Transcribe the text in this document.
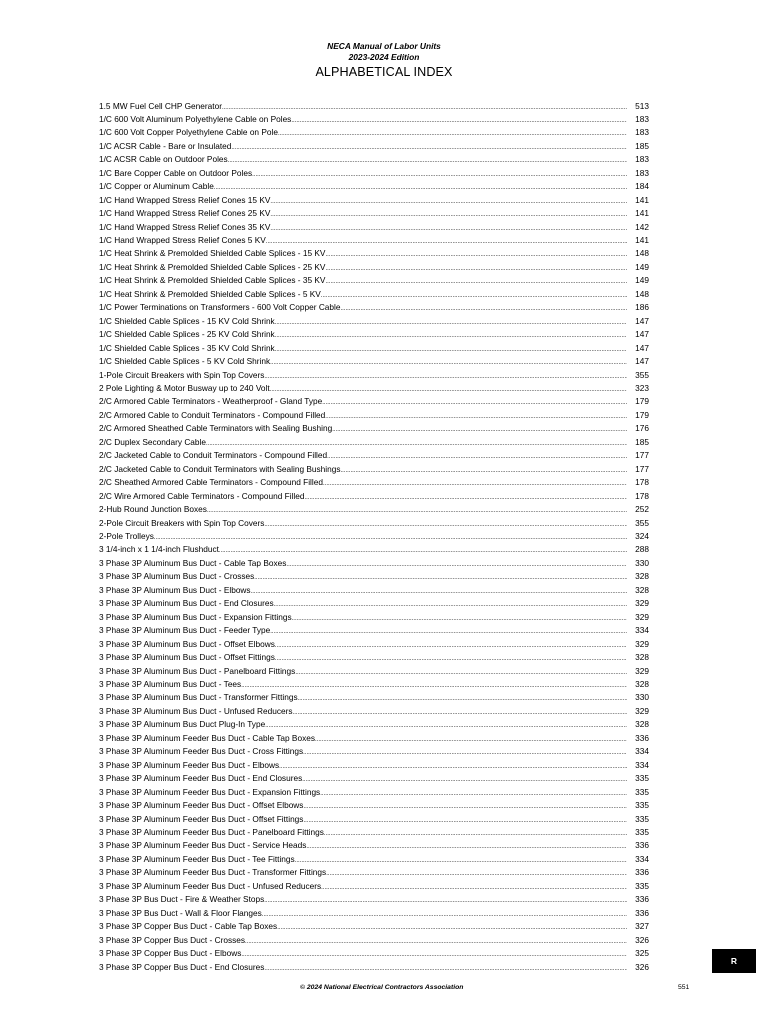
NECA Manual of Labor Units
2023-2024 Edition
ALPHABETICAL INDEX
1.5 MW Fuel Cell CHP Generator .....	513
1/C 600 Volt Aluminum Polyethylene Cable on Poles .....	183
1/C 600 Volt Copper Polyethylene Cable on Pole .....	183
1/C ACSR Cable - Bare or Insulated .....	185
1/C ACSR Cable on Outdoor Poles .....	183
1/C Bare Copper Cable on Outdoor Poles .....	183
1/C Copper or Aluminum Cable .....	184
1/C Hand Wrapped Stress Relief Cones 15 KV .....	141
1/C Hand Wrapped Stress Relief Cones 25 KV .....	141
1/C Hand Wrapped Stress Relief Cones 35 KV .....	142
1/C Hand Wrapped Stress Relief Cones 5 KV .....	141
1/C Heat Shrink & Premolded Shielded Cable Splices - 15 KV .....	148
1/C Heat Shrink & Premolded Shielded Cable Splices - 25 KV .....	149
1/C Heat Shrink & Premolded Shielded Cable Splices - 35 KV .....	149
1/C Heat Shrink & Premolded Shielded Cable Splices - 5 KV .....	148
1/C Power Terminations on Transformers - 600 Volt Copper Cable .....	186
1/C Shielded Cable Splices - 15 KV Cold Shrink .....	147
1/C Shielded Cable Splices - 25 KV Cold Shrink .....	147
1/C Shielded Cable Splices - 35 KV Cold Shrink .....	147
1/C Shielded Cable Splices - 5 KV Cold Shrink .....	147
1-Pole Circuit Breakers with Spin Top Covers .....	355
2 Pole Lighting & Motor Busway up to 240 Volt .....	323
2/C Armored Cable Terminators - Weatherproof - Gland Type .....	179
2/C Armored Cable to Conduit Terminators - Compound Filled .....	179
2/C Armored Sheathed Cable Terminators with Sealing Bushing .....	176
2/C Duplex Secondary Cable .....	185
2/C Jacketed Cable to Conduit Terminators - Compound Filled .....	177
2/C Jacketed Cable to Conduit Terminators with Sealing Bushings .....	177
2/C Sheathed Armored Cable Terminators - Compound Filled .....	178
2/C Wire Armored Cable Terminators - Compound Filled .....	178
2-Hub Round Junction Boxes .....	252
2-Pole Circuit Breakers with Spin Top Covers .....	355
2-Pole Trolleys .....	324
3 1/4-inch x 1 1/4-inch Flushduct .....	288
3 Phase 3P Aluminum Bus Duct - Cable Tap Boxes .....	330
3 Phase 3P Aluminum Bus Duct - Crosses .....	328
3 Phase 3P Aluminum Bus Duct - Elbows .....	328
3 Phase 3P Aluminum Bus Duct - End Closures .....	329
3 Phase 3P Aluminum Bus Duct - Expansion Fittings .....	329
3 Phase 3P Aluminum Bus Duct - Feeder Type .....	334
3 Phase 3P Aluminum Bus Duct - Offset Elbows .....	329
3 Phase 3P Aluminum Bus Duct - Offset Fittings .....	328
3 Phase 3P Aluminum Bus Duct - Panelboard Fittings .....	329
3 Phase 3P Aluminum Bus Duct - Tees .....	328
3 Phase 3P Aluminum Bus Duct - Transformer Fittings .....	330
3 Phase 3P Aluminum Bus Duct - Unfused Reducers .....	329
3 Phase 3P Aluminum Bus Duct Plug-In Type .....	328
3 Phase 3P Aluminum Feeder Bus Duct - Cable Tap Boxes .....	336
3 Phase 3P Aluminum Feeder Bus Duct - Cross Fittings .....	334
3 Phase 3P Aluminum Feeder Bus Duct - Elbows .....	334
3 Phase 3P Aluminum Feeder Bus Duct - End Closures .....	335
3 Phase 3P Aluminum Feeder Bus Duct - Expansion Fittings .....	335
3 Phase 3P Aluminum Feeder Bus Duct - Offset Elbows .....	335
3 Phase 3P Aluminum Feeder Bus Duct - Offset Fittings .....	335
3 Phase 3P Aluminum Feeder Bus Duct - Panelboard Fittings .....	335
3 Phase 3P Aluminum Feeder Bus Duct - Service Heads .....	336
3 Phase 3P Aluminum Feeder Bus Duct - Tee Fittings .....	334
3 Phase 3P Aluminum Feeder Bus Duct - Transformer Fittings .....	336
3 Phase 3P Aluminum Feeder Bus Duct - Unfused Reducers .....	335
3 Phase 3P Bus Duct - Fire & Weather Stops .....	336
3 Phase 3P Bus Duct - Wall & Floor Flanges .....	336
3 Phase 3P Copper Bus Duct - Cable Tap Boxes .....	327
3 Phase 3P Copper Bus Duct - Crosses .....	326
3 Phase 3P Copper Bus Duct - Elbows .....	325
3 Phase 3P Copper Bus Duct - End Closures .....	326
R
© 2024 National Electrical Contractors Association	551
